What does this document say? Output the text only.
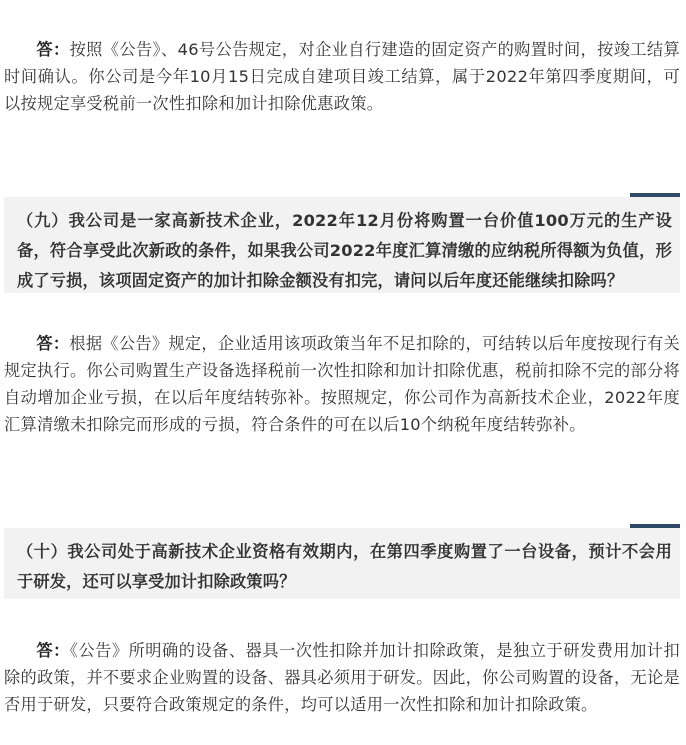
答：按照《公告》、46号公告规定，对企业自行建造的固定资产的购置时间，按竣工结算时间确认。你公司是今年10月15日完成自建项目竣工结算，属于2022年第四季度期间，可以按规定享受税前一次性扣除和加计扣除优惠政策。

（九）我公司是一家高新技术企业，2022年12月份将购置一台价值100万元的生产设备，符合享受此次新政的条件，如果我公司2022年度汇算清缴的应纳税所得额为负值，形成了亏损，该项固定资产的加计扣除金额没有扣完，请问以后年度还能继续扣除吗？

答：根据《公告》规定，企业适用该项政策当年不足扣除的，可结转以后年度按现行有关规定执行。你公司购置生产设备选择税前一次性扣除和加计扣除优惠，税前扣除不完的部分将自动增加企业亏损，在以后年度结转弥补。按照规定，你公司作为高新技术企业，2022年度汇算清缴未扣除完而形成的亏损，符合条件的可在以后10个纳税年度结转弥补。

（十）我公司处于高新技术企业资格有效期内，在第四季度购置了一台设备，预计不会用于研发，还可以享受加计扣除政策吗？

答：《公告》所明确的设备、器具一次性扣除并加计扣除政策，是独立于研发费用加计扣除的政策，并不要求企业购置的设备、器具必须用于研发。因此，你公司购置的设备，无论是否用于研发，只要符合政策规定的条件，均可以适用一次性扣除和加计扣除政策。
